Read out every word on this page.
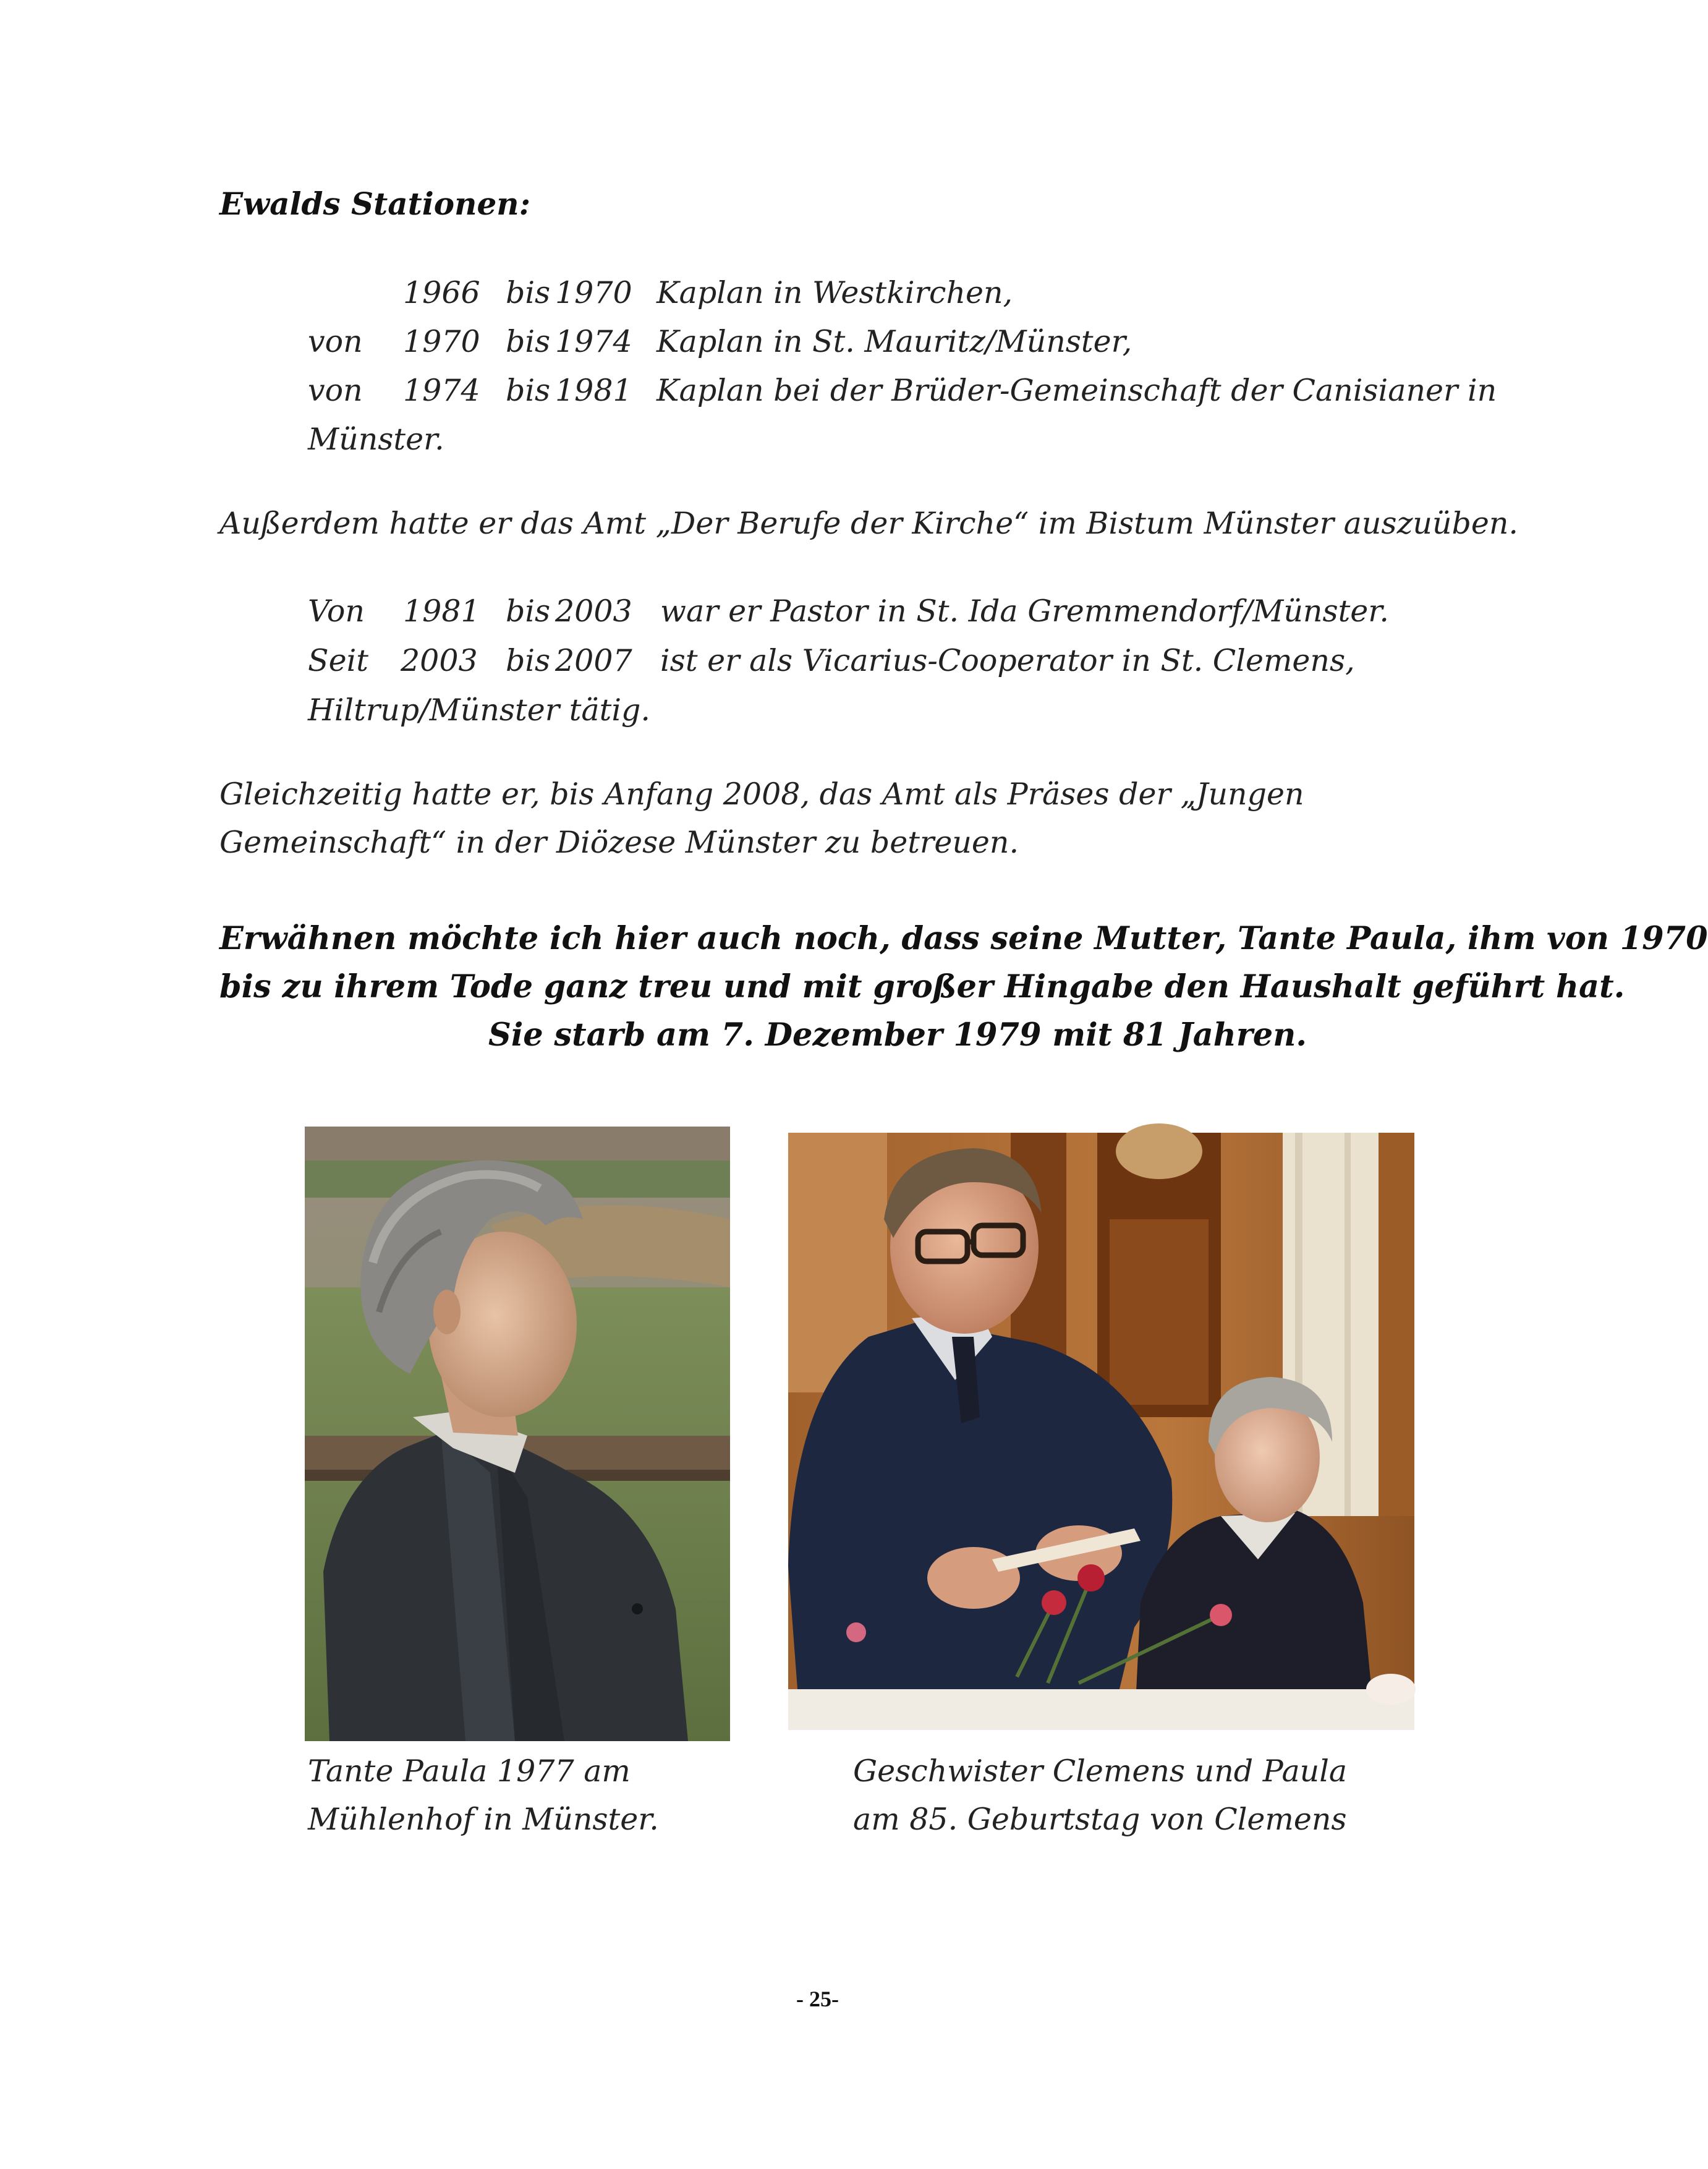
Ewalds Stationen:
1966 bis 1970 Kaplan in Westkirchen,
von 1970 bis 1974 Kaplan in St. Mauritz/Münster,
von 1974 bis 1981 Kaplan bei der Brüder-Gemeinschaft der Canisianer in
Münster.
Außerdem hatte er das Amt „Der Berufe der Kirche“ im Bistum Münster auszuüben.
Von 1981 bis 2003 war er Pastor in St. Ida Gremmendorf/Münster.
Seit 2003 bis 2007 ist er als Vicarius-Cooperator in St. Clemens,
Hiltrup/Münster tätig.
Gleichzeitig hatte er, bis Anfang 2008, das Amt als Präses der „Jungen
Gemeinschaft“ in der Diözese Münster zu betreuen.
Erwähnen möchte ich hier auch noch, dass seine Mutter, Tante Paula, ihm von 1970
bis zu ihrem Tode ganz treu und mit großer Hingabe den Haushalt geführt hat.
Sie starb am 7. Dezember 1979 mit 81 Jahren.
Tante Paula 1977 am
Mühlenhof in Münster.
Geschwister Clemens und Paula
am 85. Geburtstag von Clemens
- 25-
